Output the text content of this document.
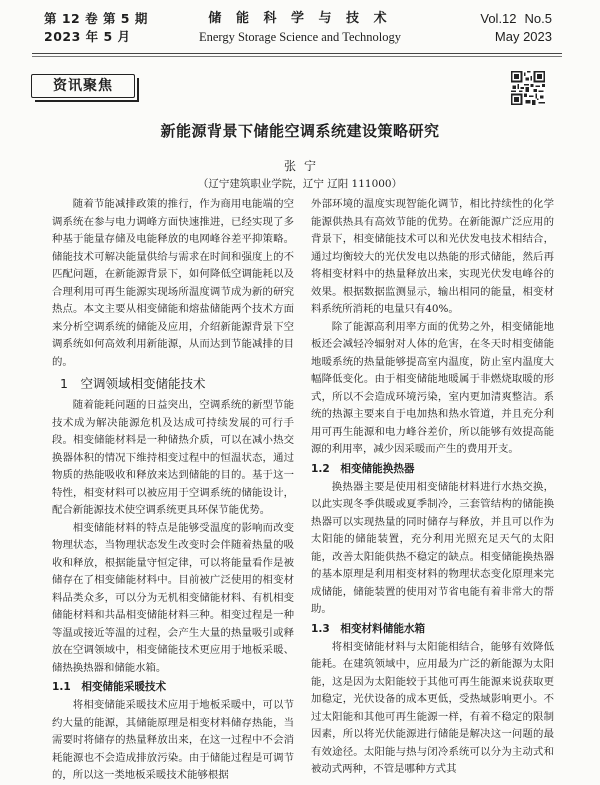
第 12 卷 第 5 期
2023 年 5 月
储 能 科 学 与 技 术
Energy Storage Science and Technology
Vol.12 No.5
May 2023
资讯聚焦
新能源背景下储能空调系统建设策略研究
张宁
（辽宁建筑职业学院，辽宁 辽阳 111000）

随着节能减排政策的推行，作为商用电能端的空调系统在参与电力调峰方面快速推进，已经实现了多种基于能量存储及电能释放的电网峰谷差平抑策略。储能技术可解决能量供给与需求在时间和强度上的不匹配问题，在新能源背景下，如何降低空调能耗以及合理利用可再生能源实现场所温度调节成为新的研究热点。本文主要从相变储能和熔盐储能两个技术方面来分析空调系统的储能及应用，介绍新能源背景下空调系统如何高效利用新能源，从而达到节能减排的目的。

1　空调领域相变储能技术

随着能耗问题的日益突出，空调系统的新型节能技术成为解决能源危机及达成可持续发展的可行手段。相变储能材料是一种储热介质，可以在减小热交换器体积的情况下维持相变过程中的恒温状态，通过物质的热能吸收和释放来达到储能的目的。基于这一特性，相变材料可以被应用于空调系统的储能设计，配合新能源技术使空调系统更具环保节能优势。

相变储能材料的特点是能够受温度的影响而改变物理状态，当物理状态发生改变时会伴随着热量的吸收和释放，根据能量守恒定律，可以将能量看作是被储存在了相变储能材料中。目前被广泛使用的相变材料品类众多，可以分为无机相变储能材料、有机相变储能材料和共晶相变储能材料三种。相变过程是一种等温或接近等温的过程，会产生大量的热量吸引或释放在空调领域中，相变储能技术更应用于地板采暖、储热换热器和储能水箱。

1.1　相变储能采暖技术

将相变储能采暖技术应用于地板采暖中，可以节约大量的能源，其储能原理是相变材料储存热能，当需要时将储存的热量释放出来，在这一过程中不会消耗能源也不会造成排放污染。由于储能过程是可调节的，所以这一类地板采暖技术能够根据

外部环境的温度实现智能化调节，相比持续性的化学能源供热具有高效节能的优势。在新能源广泛应用的背景下，相变储能技术可以和光伏发电技术相结合，通过均衡较大的光伏发电以热能的形式储能，然后再将相变材料中的热量释放出来，实现光伏发电峰谷的效果。根据数据监测显示，输出相同的能量，相变材料系统所消耗的电量只有40%。

除了能源高利用率方面的优势之外，相变储能地板还会减轻冷辐射对人体的危害，在冬天时相变储能地暖系统的热量能够提高室内温度，防止室内温度大幅降低变化。由于相变储能地暖属于非燃烧取暖的形式，所以不会造成环境污染，室内更加清爽整洁。系统的热源主要来自于电加热和热水管道，并且充分利用可再生能源和电力峰谷差价，所以能够有效提高能源的利用率，减少因采暖而产生的费用开支。

1.2　相变储能换热器

换热器主要是使用相变储能材料进行水热交换，以此实现冬季供暖或夏季制冷，三套管结构的储能换热器可以实现热量的同时储存与释放，并且可以作为太阳能的储能装置，充分利用光照充足天气的太阳能，改善太阳能供热不稳定的缺点。相变储能换热器的基本原理是利用相变材料的物理状态变化原理来完成储能，储能装置的使用对节省电能有着非常大的帮助。

1.3　相变材料储能水箱

将相变储能材料与太阳能相结合，能够有效降低能耗。在建筑领域中，应用最为广泛的新能源为太阳能，这是因为太阳能较于其他可再生能源来说获取更加稳定，光伏设备的成本更低，受热域影响更小。不过太阳能和其他可再生能源一样，有着不稳定的限制因素，所以将光伏能源进行储能是解决这一问题的最有效途径。太阳能与热与闭冷系统可以分为主动式和被动式两种，不管是哪种方式其
